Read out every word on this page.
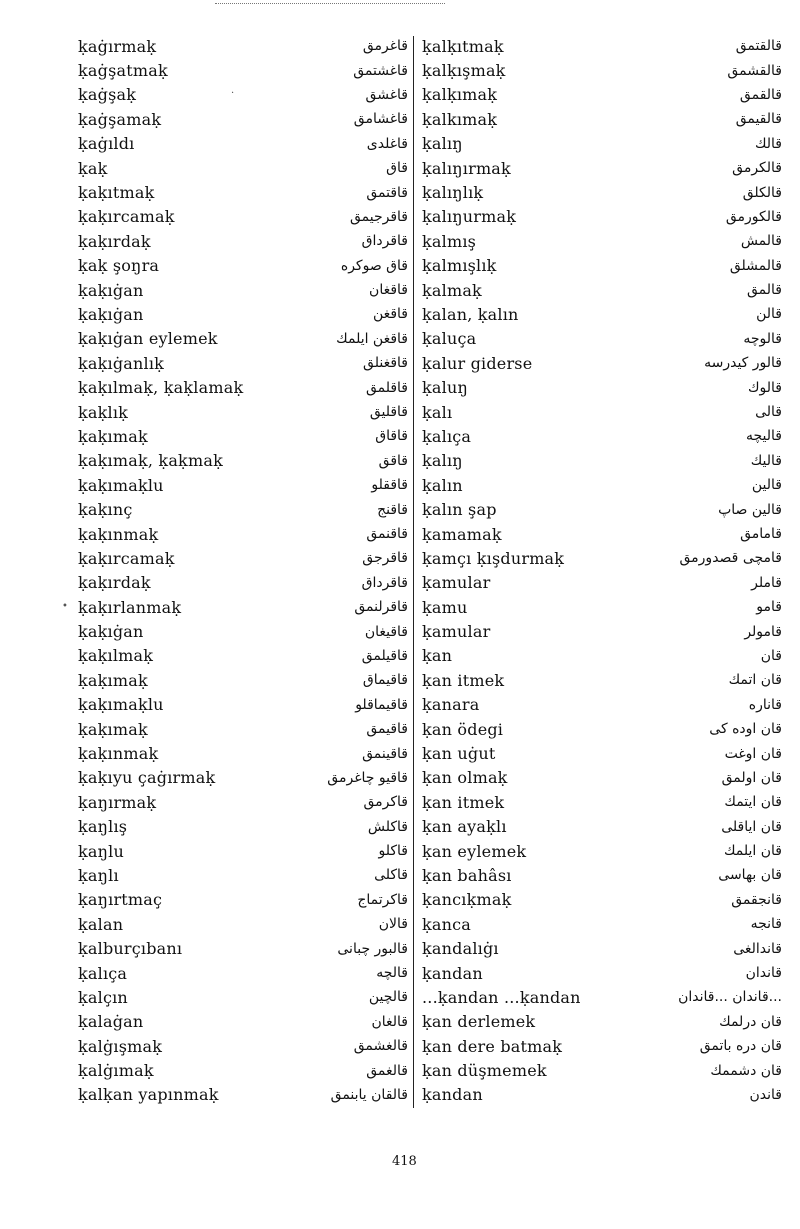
ḳaġırmaḳ	قاغرمق
ḳaġşatmaḳ	قاغشتمق
ḳaġşaḳ	قاغشق
ḳaġşamaḳ	قاغشامق
ḳaġıldı	قاغلدى
ḳaḳ	قاق
ḳaḳıtmaḳ	قاقتمق
ḳaḳırcamaḳ	قاقرجيمق
ḳaḳırdaḳ	قاقرداق
ḳaḳ şoŋra	قاق صوكره
ḳaḳıġan	قاقغان
ḳaḳıġan	قاقغن
ḳaḳıġan eylemek	قاقغن ايلمك
ḳaḳıġanlıḳ	قاقغنلق
ḳaḳılmaḳ, ḳaḳlamaḳ	قاقلمق
ḳaḳlıḳ	قاقليق
ḳaḳımaḳ	قاقاق
ḳaḳımaḳ, ḳaḳmaḳ	قاقق
ḳaḳımaḳlu	قاققلو
ḳaḳınç	قاقنج
ḳaḳınmaḳ	قاقنمق
ḳaḳırcamaḳ	قاقرجق
ḳaḳırdaḳ	قاقرداق
ḳaḳırlanmaḳ	قاقرلنمق
ḳaḳıġan	قاقيغان
ḳaḳılmaḳ	قاقيلمق
ḳaḳımaḳ	قاقيماق
ḳaḳımaḳlu	قاقيماقلو
ḳaḳımaḳ	قاقيمق
ḳaḳınmaḳ	قاقينمق
ḳaḳıyu çaġırmaḳ	قاقيو چاغرمق
ḳaŋırmaḳ	قاكرمق
ḳaŋlış	قاكلش
ḳaŋlu	قاكلو
ḳaŋlı	قاكلى
ḳaŋırtmaç	قاكرتماج
ḳalan	قالان
ḳalburçıbanı	قالبور چبانى
ḳalıça	قالچه
ḳalçın	قالچين
ḳalaġan	قالغان
ḳalġışmaḳ	قالغشمق
ḳalġımaḳ	قالغمق
ḳalḳan yapınmaḳ	قالقان يابنمق
ḳalḳıtmaḳ	قالقتمق
ḳalḳışmaḳ	قالقشمق
ḳalḳımaḳ	قالقمق
ḳalkımaḳ	قالقيمق
ḳalıŋ	قالك
ḳalıŋırmaḳ	قالكرمق
ḳalıŋlıḳ	قالكلق
ḳalıŋurmaḳ	قالكورمق
ḳalmış	قالمش
ḳalmışlıḳ	قالمشلق
ḳalmaḳ	قالمق
ḳalan, ḳalın	قالن
ḳaluça	قالوچه
ḳalur giderse	قالور كيدرسه
ḳaluŋ	قالوك
ḳalı	قالى
ḳalıça	قاليچه
ḳalıŋ	قاليك
ḳalın	قالين
ḳalın şap	قالين صاپ
ḳamamaḳ	قامامق
ḳamçı ḳışdurmaḳ	قامچى قصدورمق
ḳamular	قاملر
ḳamu	قامو
ḳamular	قامولر
ḳan	قان
ḳan itmek	قان اتمك
ḳanara	قاناره
ḳan ödegi	قان اوده كى
ḳan uġut	قان اوغت
ḳan olmaḳ	قان اولمق
ḳan itmek	قان ايتمك
ḳan ayaḳlı	قان اياقلى
ḳan eylemek	قان ايلمك
ḳan bahâsı	قان بهاسى
ḳancıḳmaḳ	قانجقمق
ḳanca	قانجه
ḳandalıġı	قاندالغى
ḳandan	قاندان
...ḳandan ...ḳandan	...قاندان ...قاندان
ḳan derlemek	قان درلمك
ḳan dere batmaḳ	قان دره باتمق
ḳan düşmemek	قان دشممك
ḳandan	قاندن
418
•
·
